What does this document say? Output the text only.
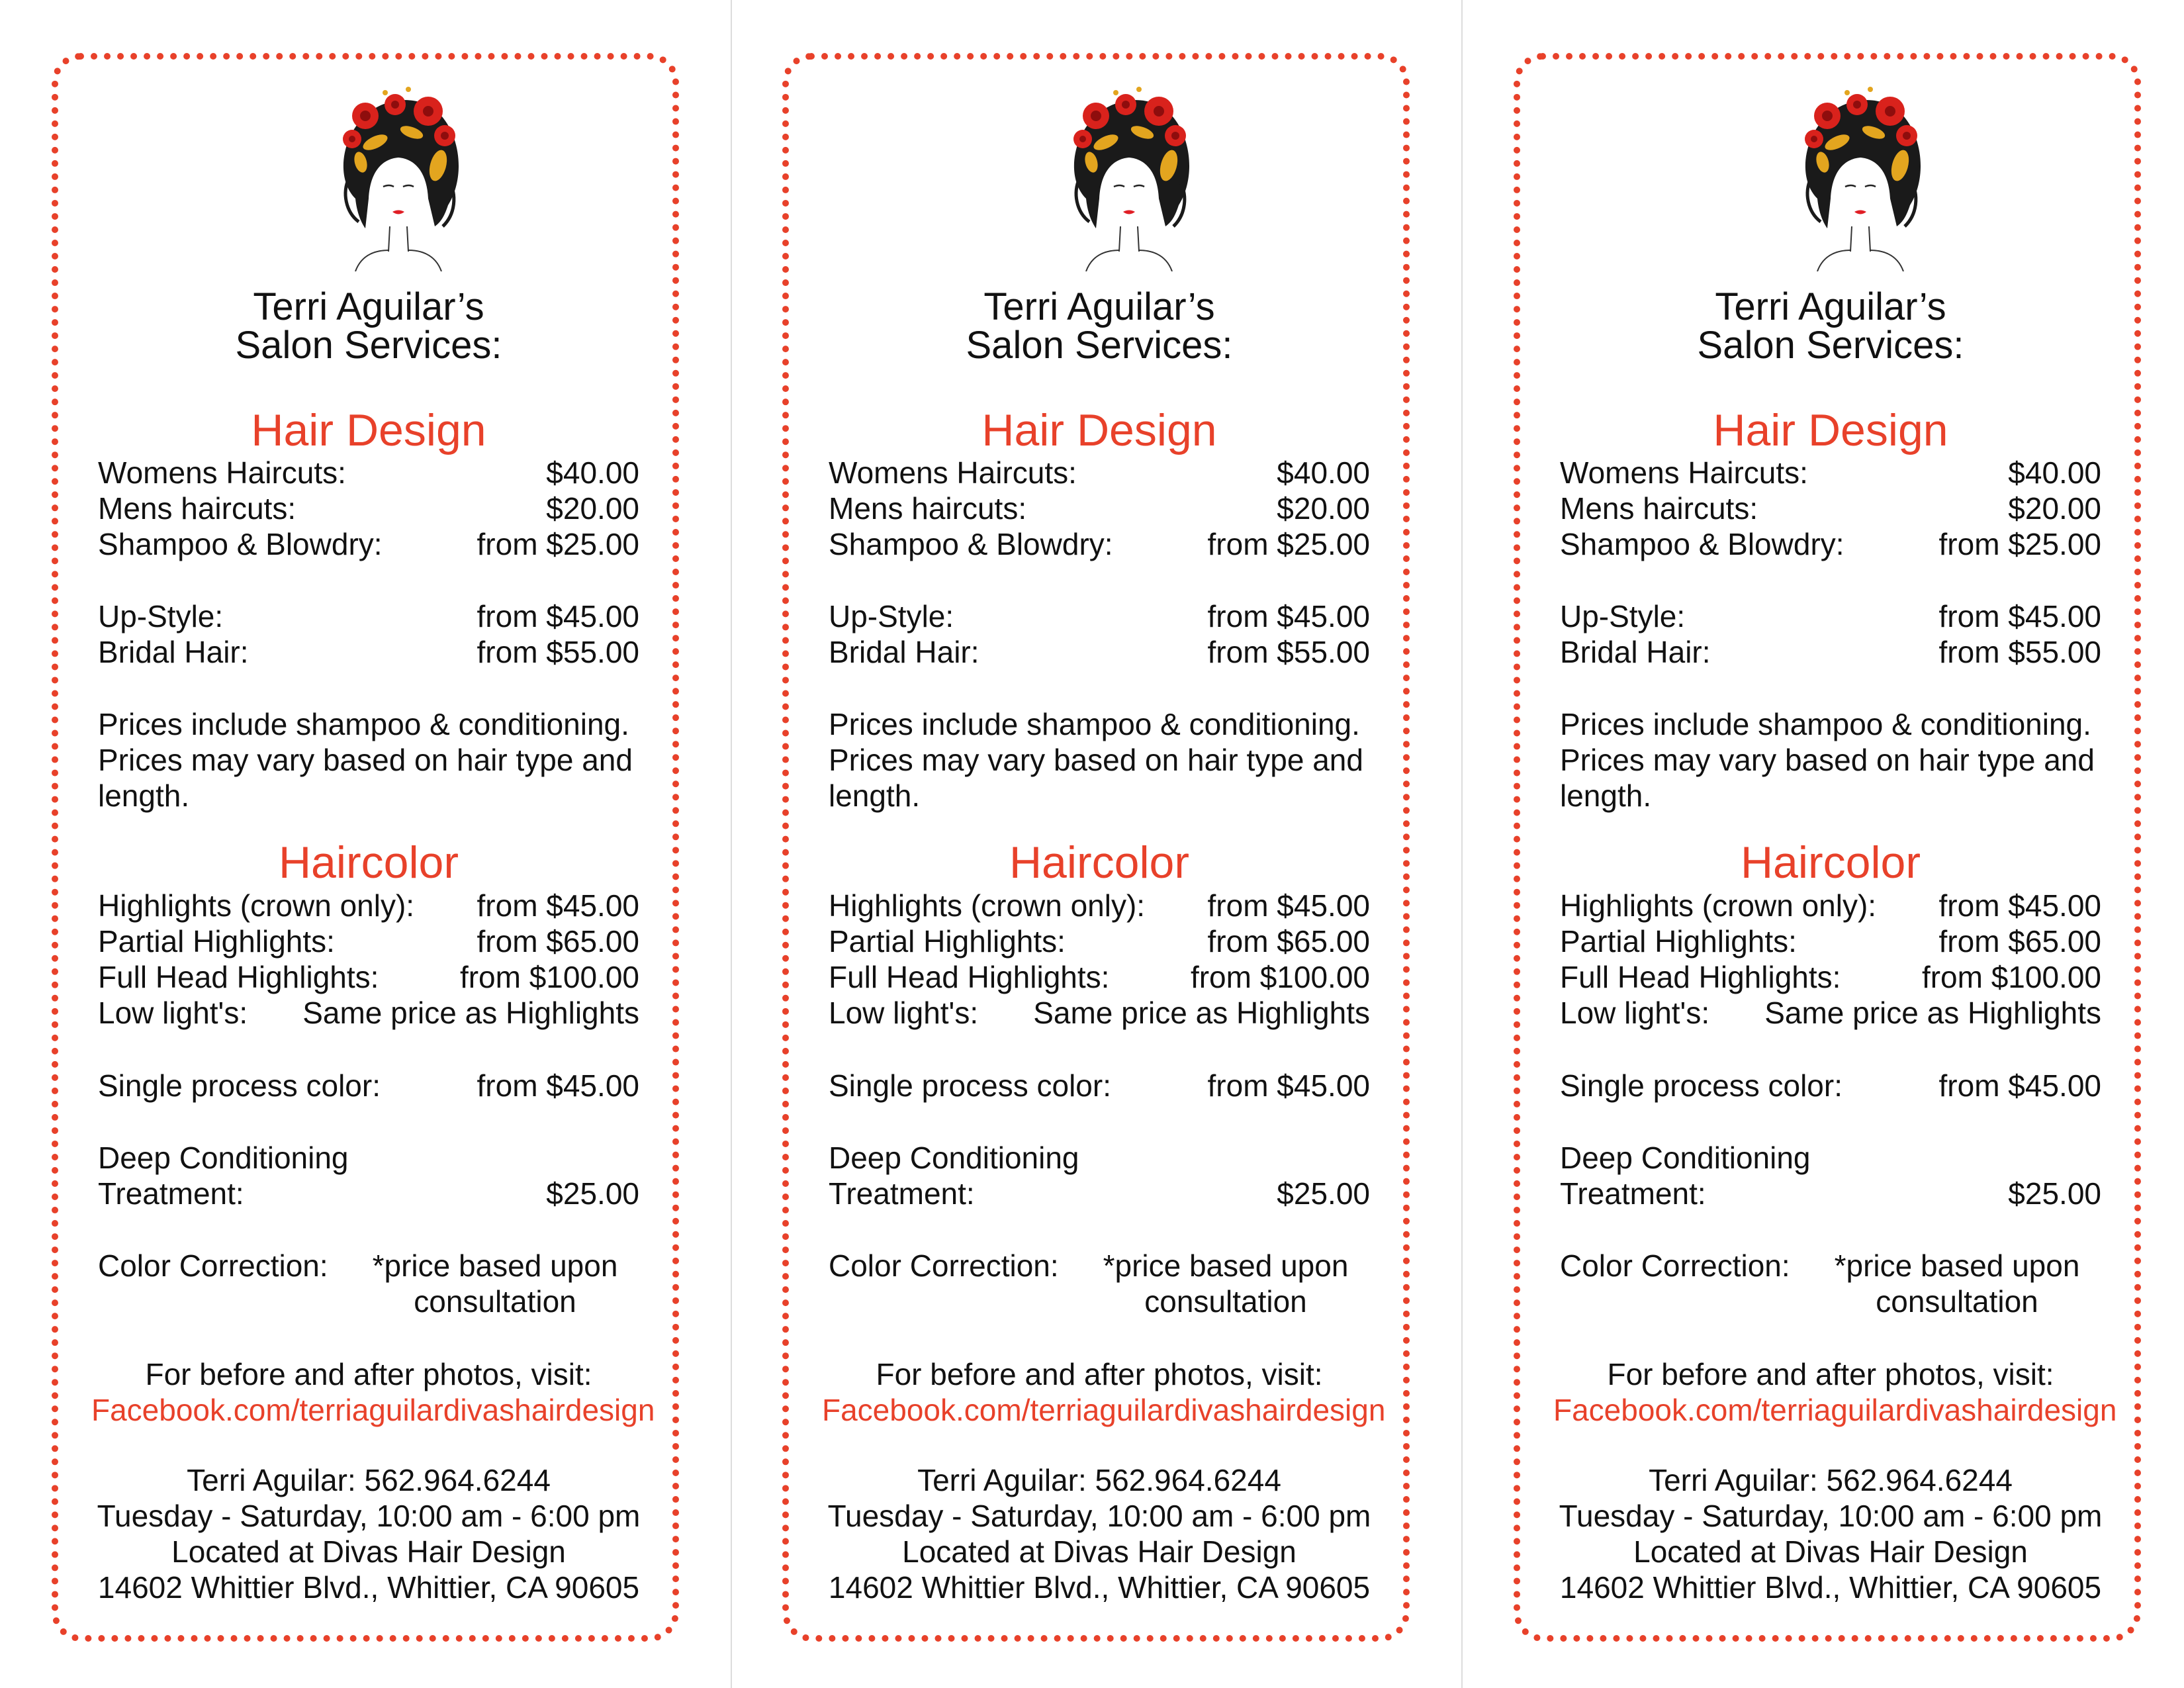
Terri Aguilar’s
Salon Services:
Hair Design
Womens Haircuts:	$40.00
Mens haircuts:	$20.00
Shampoo & Blowdry:	from $25.00
Up-Style:	from $45.00
Bridal Hair:	from $55.00
Prices include shampoo & conditioning.
Prices may vary based on hair type and
length.
Haircolor
Highlights (crown only): from $45.00
Partial Highlights:	from $65.00
Full Head Highlights:	from $100.00
Low light's: Same price as Highlights
Single process color:	from $45.00
Deep Conditioning
Treatment:	$25.00
Color Correction:	*price based upon
consultation
For before and after photos, visit:
Facebook.com/terriaguilardivashairdesign
Terri Aguilar: 562.964.6244
Tuesday - Saturday, 10:00 am - 6:00 pm
Located at Divas Hair Design
14602 Whittier Blvd., Whittier, CA 90605
Terri Aguilar’s
Salon Services:
Hair Design
Womens Haircuts:	$40.00
Mens haircuts:	$20.00
Shampoo & Blowdry:	from $25.00
Up-Style:	from $45.00
Bridal Hair:	from $55.00
Prices include shampoo & conditioning.
Prices may vary based on hair type and
length.
Haircolor
Highlights (crown only): from $45.00
Partial Highlights:	from $65.00
Full Head Highlights:	from $100.00
Low light's: Same price as Highlights
Single process color:	from $45.00
Deep Conditioning
Treatment:	$25.00
Color Correction:	*price based upon
consultation
For before and after photos, visit:
Facebook.com/terriaguilardivashairdesign
Terri Aguilar: 562.964.6244
Tuesday - Saturday, 10:00 am - 6:00 pm
Located at Divas Hair Design
14602 Whittier Blvd., Whittier, CA 90605
Terri Aguilar’s
Salon Services:
Hair Design
Womens Haircuts:	$40.00
Mens haircuts:	$20.00
Shampoo & Blowdry:	from $25.00
Up-Style:	from $45.00
Bridal Hair:	from $55.00
Prices include shampoo & conditioning.
Prices may vary based on hair type and
length.
Haircolor
Highlights (crown only): from $45.00
Partial Highlights:	from $65.00
Full Head Highlights:	from $100.00
Low light's: Same price as Highlights
Single process color:	from $45.00
Deep Conditioning
Treatment:	$25.00
Color Correction:	*price based upon
consultation
For before and after photos, visit:
Facebook.com/terriaguilardivashairdesign
Terri Aguilar: 562.964.6244
Tuesday - Saturday, 10:00 am - 6:00 pm
Located at Divas Hair Design
14602 Whittier Blvd., Whittier, CA 90605
